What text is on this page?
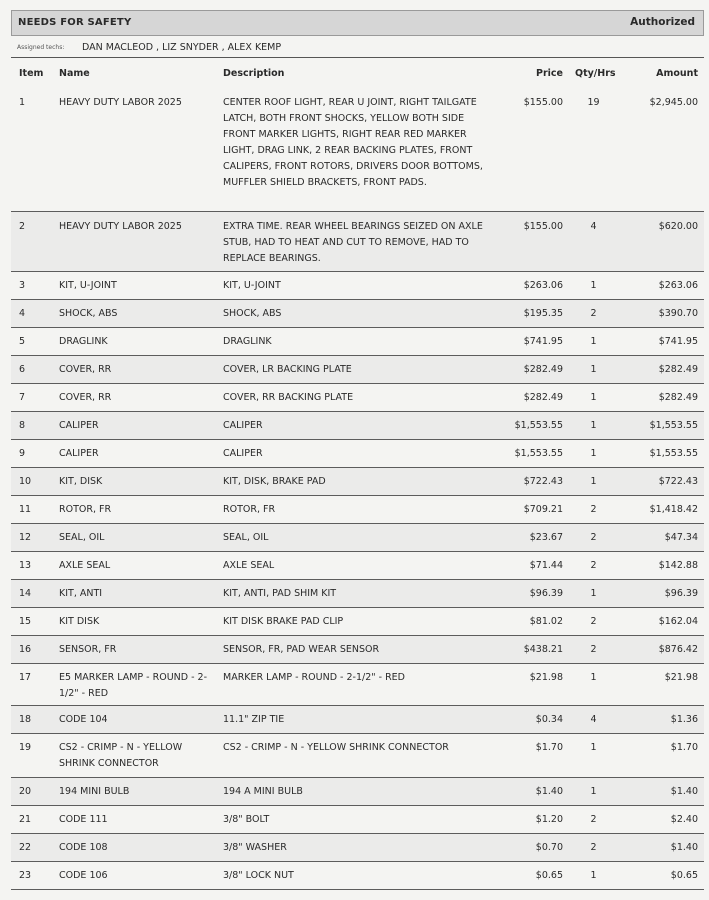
NEEDS FOR SAFETY	Authorized
Assigned techs: DAN MACLEOD , LIZ SNYDER , ALEX KEMP
Item Name	Description	Price Qty/Hrs	Amount
1	HEAVY DUTY LABOR 2025	CENTER ROOF LIGHT, REAR U JOINT, RIGHT TAILGATE LATCH, BOTH FRONT SHOCKS, YELLOW BOTH SIDE FRONT MARKER LIGHTS, RIGHT REAR RED MARKER LIGHT, DRAG LINK, 2 REAR BACKING PLATES, FRONT CALIPERS, FRONT ROTORS, DRIVERS DOOR BOTTOMS, MUFFLER SHIELD BRACKETS, FRONT PADS.
$155.00	19	$2,945.00
2	HEAVY DUTY LABOR 2025	EXTRA TIME. REAR WHEEL BEARINGS SEIZED ON AXLE STUB, HAD TO HEAT AND CUT TO REMOVE, HAD TO REPLACE BEARINGS.
$155.00	4	$620.00
3	KIT, U-JOINT	KIT, U-JOINT	$263.06	1	$263.06
4	SHOCK, ABS	SHOCK, ABS	$195.35	2	$390.70
5	DRAGLINK	DRAGLINK	$741.95	1	$741.95
6	COVER, RR	COVER, LR BACKING PLATE	$282.49	1	$282.49
7	COVER, RR	COVER, RR BACKING PLATE	$282.49	1	$282.49
8	CALIPER	CALIPER	$1,553.55	1	$1,553.55
9	CALIPER	CALIPER	$1,553.55	1	$1,553.55
10	KIT, DISK	KIT, DISK, BRAKE PAD	$722.43	1	$722.43
11	ROTOR, FR	ROTOR, FR	$709.21	2	$1,418.42
12	SEAL, OIL	SEAL, OIL	$23.67	2	$47.34
13	AXLE SEAL	AXLE SEAL	$71.44	2	$142.88
14	KIT, ANTI	KIT, ANTI, PAD SHIM KIT	$96.39	1	$96.39
15	KIT DISK	KIT DISK BRAKE PAD CLIP	$81.02	2	$162.04
16	SENSOR, FR	SENSOR, FR, PAD WEAR SENSOR	$438.21	2	$876.42
17	E5 MARKER LAMP - ROUND - 2-1/2" - RED
MARKER LAMP - ROUND - 2-1/2" - RED	$21.98	1	$21.98
18	CODE 104	11.1" ZIP TIE	$0.34	4	$1.36
19	CS2 - CRIMP - N - YELLOW SHRINK CONNECTOR
CS2 - CRIMP - N - YELLOW SHRINK CONNECTOR	$1.70	1	$1.70
20	194 MINI BULB	194 A MINI BULB	$1.40	1	$1.40
21	CODE 111	3/8" BOLT	$1.20	2	$2.40
22	CODE 108	3/8" WASHER	$0.70	2	$1.40
23	CODE 106	3/8" LOCK NUT	$0.65	1	$0.65
